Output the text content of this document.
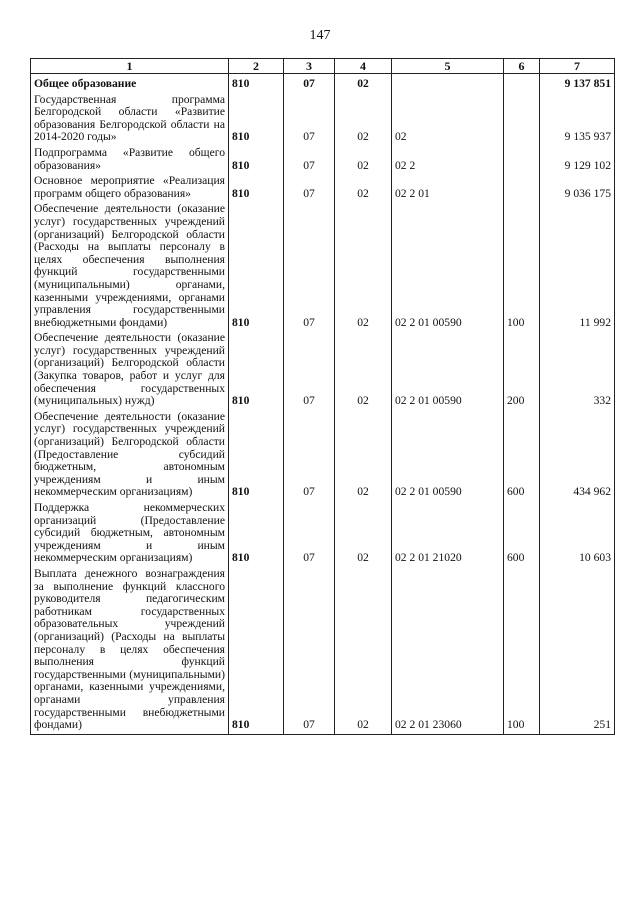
147
1	2	3	4	5	6	7
Общее образование	810	07	02			9 137 851
Государственная программа Белгородской области «Развитие образования Белгородской области на 2014-2020 годы»	810	07	02	02		9 135 937
Подпрограмма «Развитие общего образования»	810	07	02	02 2		9 129 102
Основное мероприятие «Реализация программ общего образования»	810	07	02	02 2 01		9 036 175
Обеспечение деятельности (оказание услуг) государственных учреждений (организаций) Белгородской области (Расходы на выплаты персоналу в целях обеспечения выполнения функций государственными (муниципальными) органами, казенными учреждениями, органами управления государственными внебюджетными фондами)	810	07	02	02 2 01 00590	100	11 992
Обеспечение деятельности (оказание услуг) государственных учреждений (организаций) Белгородской области (Закупка товаров, работ и услуг для обеспечения государственных (муниципальных) нужд)	810	07	02	02 2 01 00590	200	332
Обеспечение деятельности (оказание услуг) государственных учреждений (организаций) Белгородской области (Предоставление субсидий бюджетным, автономным учреждениям и иным некоммерческим организациям)	810	07	02	02 2 01 00590	600	434 962
Поддержка некоммерческих организаций (Предоставление субсидий бюджетным, автономным учреждениям и иным некоммерческим организациям)	810	07	02	02 2 01 21020	600	10 603
Выплата денежного вознаграждения за выполнение функций классного руководителя педагогическим работникам государственных образовательных учреждений (организаций) (Расходы на выплаты персоналу в целях обеспечения выполнения функций государственными (муниципальными) органами, казенными учреждениями, органами управления государственными внебюджетными фондами)	810	07	02	02 2 01 23060	100	251
